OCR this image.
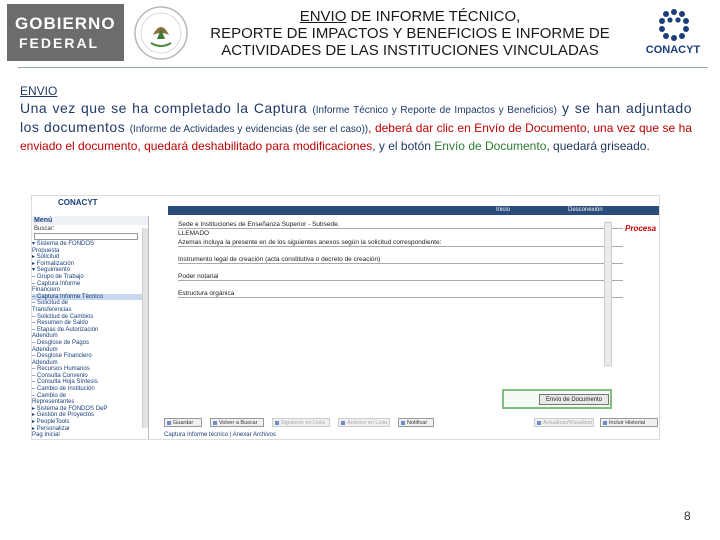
GOBIERNO
FEDERAL
ENVIO DE INFORME TÉCNICO,
REPORTE DE IMPACTOS Y BENEFICIOS E INFORME DE
ACTIVIDADES DE LAS INSTITUCIONES VINCULADAS	CONACYT
ENVIO
Una vez que se ha completado la Captura (Informe Técnico y Reporte de Impactos y Beneficios) y se han adjuntado los documentos (Informe de Actividades y evidencias (de ser el caso)), deberá dar clic en Envío de Documento, una vez que se ha enviado el documento, quedará deshabilitado para modificaciones, y el botón Envío de Documento, quedará griseado.
CONACYT
Inicio	Desconexión
Menú
Buscar:
▾ Sistema de FONDOS
Propuesta
▸ Solicitud
▸ Formalización
▾ Seguimiento
– Grupo de Trabajo
– Captura Informe
Financiero
– Captura Informe Técnico
– Solicitud de
Transferencias
– Solicitud de Cambios
– Resumen de Saldo
– Etapas de Autorización
Adendum
– Desglose de Pagos
Adendum
– Desglose Financiero
Adendum
– Recursos Humanos
– Consulta Convenio
– Consulta Hoja Síntesis
– Cambio de Institución
– Cambio de
Representantes
▸ Sistema de FONDOS DeP
▸ Gestión de Proyectos
▸ PeopleTools
▸ Personalizar
Pag Inicial
Sede e Instituciones de Enseñanza Superior - Subsede.
LLEMADO
Azemas incluya la presente en de los siguientes anexos según la solicitud correspondiente:
Instrumento legal de creación (acta constitutiva o decreto de creación)
Poder notarial
Estructura orgánica
Procesa
Envío de Documento
Guardar	Volver a Buscar	Siguiente en Lista	Anterior en Lista	Notificar	Actualizar/Visualizar	Incluir Historial
Captura Informe técnico | Anexar Archivos
8
